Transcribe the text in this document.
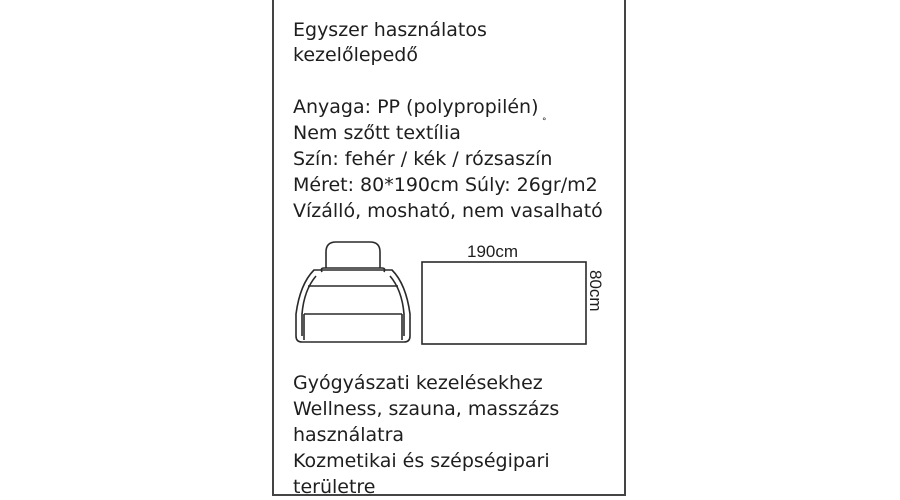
Egyszer használatos

kezelőlepedő

Anyaga: PP (polypropilén)

Nem szőtt textília	°

Szín: fehér / kék / rózsaszín

Méret: 80*190cm Súly: 26gr/m2

Vízálló, mosható, nem vasalható

190cm
80cm

Gyógyászati kezelésekhez

Wellness, szauna, masszázs

használatra

Kozmetikai és szépségipari

területre
